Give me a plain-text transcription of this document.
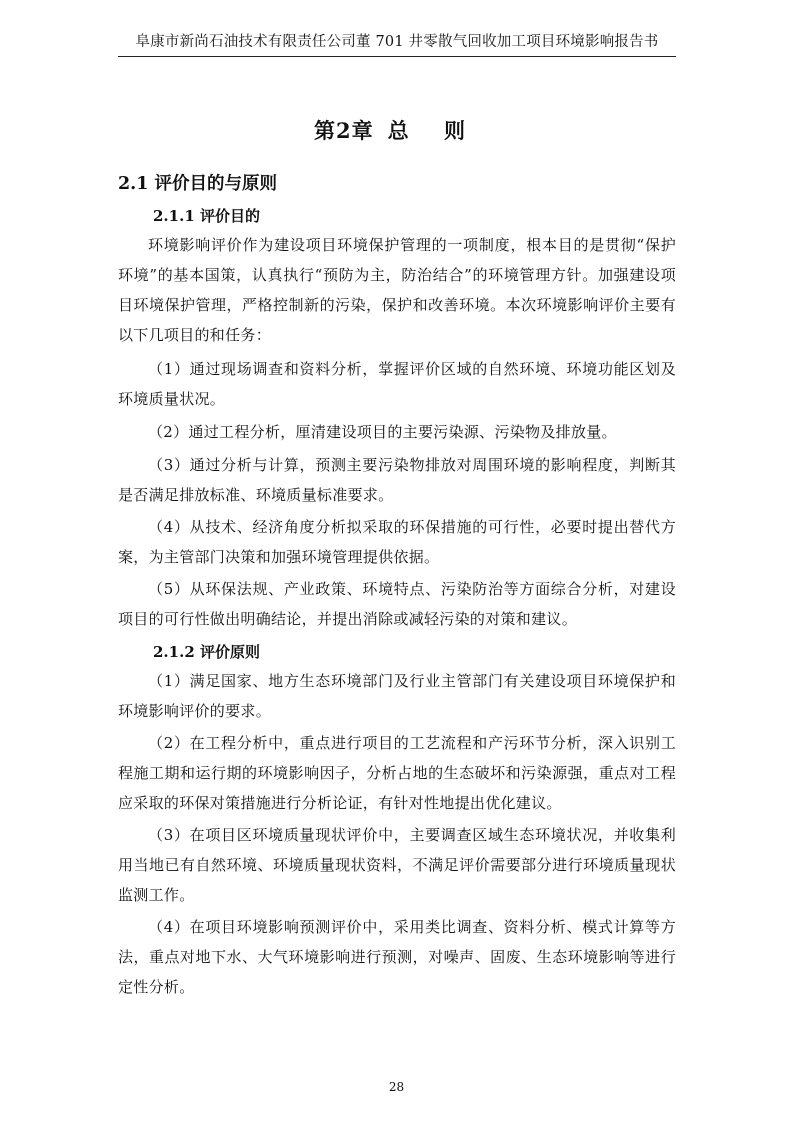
阜康市新尚石油技术有限责任公司董 701 井零散气回收加工项目环境影响报告书
第2章 总 则
2.1 评价目的与原则
2.1.1 评价目的
环境影响评价作为建设项目环境保护管理的一项制度，根本目的是贯彻“保护环境”的基本国策，认真执行“预防为主，防治结合”的环境管理方针。加强建设项目环境保护管理，严格控制新的污染，保护和改善环境。本次环境影响评价主要有以下几项目的和任务：
（1）通过现场调查和资料分析，掌握评价区域的自然环境、环境功能区划及环境质量状况。
（2）通过工程分析，厘清建设项目的主要污染源、污染物及排放量。
（3）通过分析与计算，预测主要污染物排放对周围环境的影响程度，判断其是否满足排放标准、环境质量标准要求。
（4）从技术、经济角度分析拟采取的环保措施的可行性，必要时提出替代方案，为主管部门决策和加强环境管理提供依据。
（5）从环保法规、产业政策、环境特点、污染防治等方面综合分析，对建设项目的可行性做出明确结论，并提出消除或减轻污染的对策和建议。
2.1.2 评价原则
（1）满足国家、地方生态环境部门及行业主管部门有关建设项目环境保护和环境影响评价的要求。
（2）在工程分析中，重点进行项目的工艺流程和产污环节分析，深入识别工程施工期和运行期的环境影响因子，分析占地的生态破坏和污染源强，重点对工程应采取的环保对策措施进行分析论证，有针对性地提出优化建议。
（3）在项目区环境质量现状评价中，主要调查区域生态环境状况，并收集利用当地已有自然环境、环境质量现状资料，不满足评价需要部分进行环境质量现状监测工作。
（4）在项目环境影响预测评价中，采用类比调查、资料分析、模式计算等方法，重点对地下水、大气环境影响进行预测，对噪声、固废、生态环境影响等进行定性分析。
28
